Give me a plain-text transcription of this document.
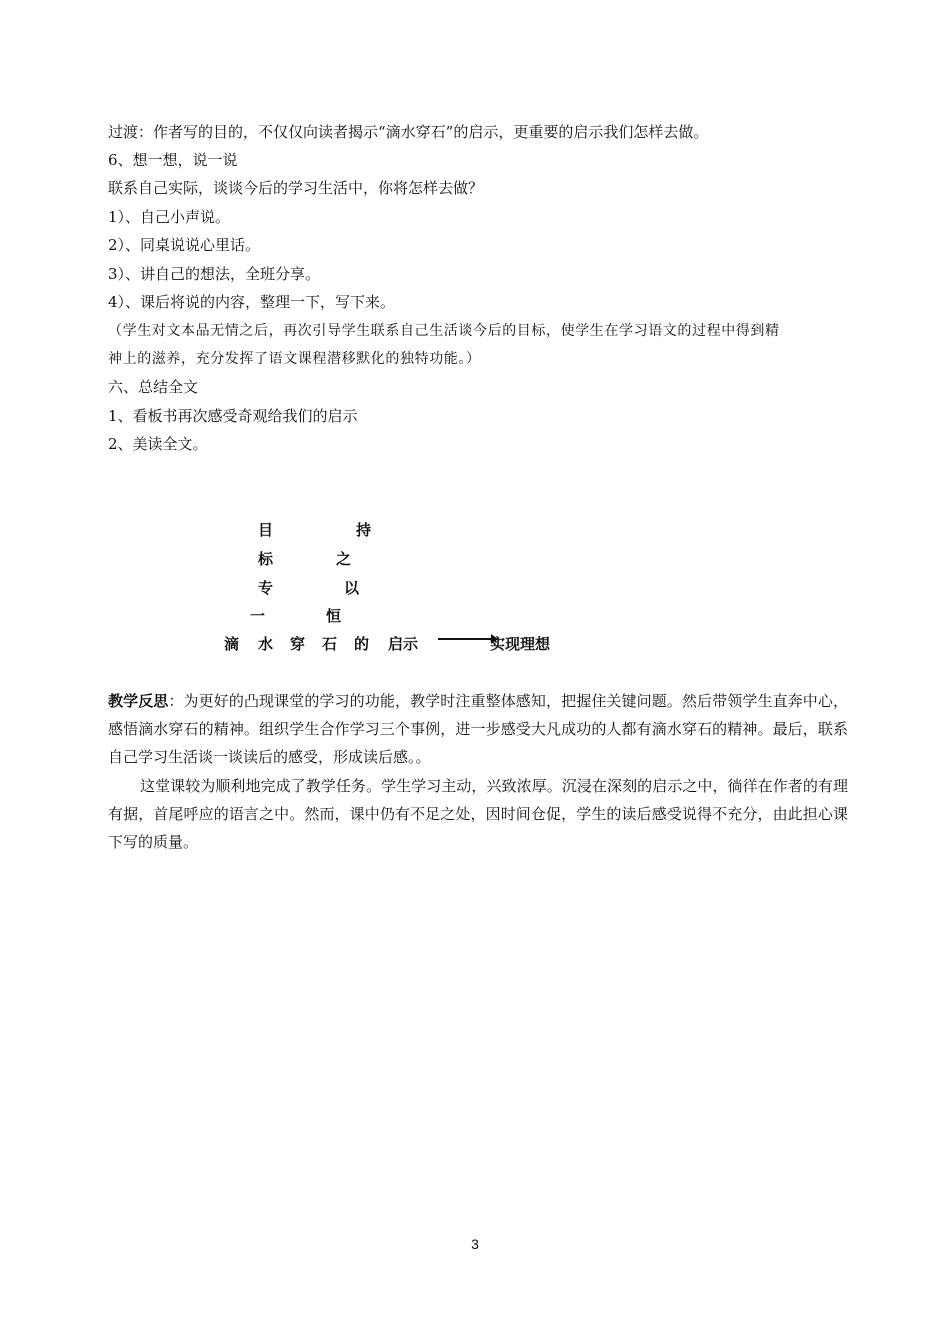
过渡：作者写的目的，不仅仅向读者揭示“滴水穿石”的启示，更重要的启示我们怎样去做。
6、想一想，说一说
联系自己实际，谈谈今后的学习生活中，你将怎样去做？
1）、自己小声说。
2）、同桌说说心里话。
3）、讲自己的想法，全班分享。
4）、课后将说的内容，整理一下，写下来。
（学生对文本品无情之后，再次引导学生联系自己生活谈今后的目标，使学生在学习语文的过程中得到精
神上的滋养，充分发挥了语文课程潜移默化的独特功能。）
六、总结全文
1、看板书再次感受奇观给我们的启示
2、美读全文。
目
标
专
一
持
之
以
恒
滴 水 穿 石 的 启示	实现理想
教学反思：为更好的凸现课堂的学习的功能，教学时注重整体感知，把握住关键问题。然后带领学生直奔中心，感悟滴水穿石的精神。组织学生合作学习三个事例，进一步感受大凡成功的人都有滴水穿石的精神。最后，联系自己学习生活谈一谈读后的感受，形成读后感。。
这堂课较为顺利地完成了教学任务。学生学习主动，兴致浓厚。沉浸在深刻的启示之中，徜徉在作者的有理有据，首尾呼应的语言之中。然而，课中仍有不足之处，因时间仓促，学生的读后感受说得不充分，由此担心课下写的质量。
3
